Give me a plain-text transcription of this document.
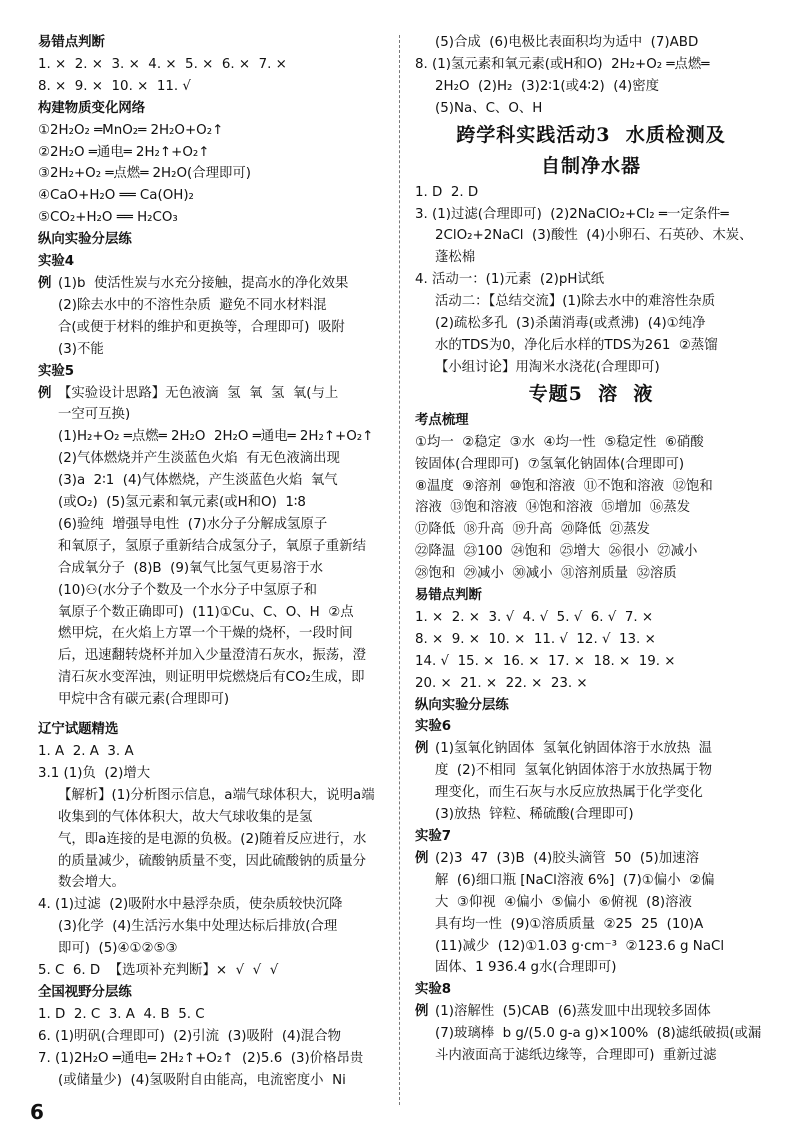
易错点判断
1. ×  2. ×  3. ×  4. ×  5. ×  6. ×  7. ×
8. ×  9. ×  10. ×  11. √
构建物质变化网络
①2H₂O₂ ═MnO₂═ 2H₂O+O₂↑
②2H₂O ═通电═ 2H₂↑+O₂↑
③2H₂+O₂ ═点燃═ 2H₂O(合理即可)
④CaO+H₂O ══ Ca(OH)₂
⑤CO₂+H₂O ══ H₂CO₃
纵向实验分层练
实验4
例 (1)b  使活性炭与水充分接触，提高水的净化效果
(2)除去水中的不溶性杂质  避免不同水材料混
合(或便于材料的维护和更换等，合理即可)  吸附
(3)不能
实验5
例 【实验设计思路】无色液滴  氢  氧  氢  氧(与上
一空可互换)
(1)H₂+O₂ ═点燃═ 2H₂O  2H₂O ═通电═ 2H₂↑+O₂↑
(2)气体燃烧并产生淡蓝色火焰  有无色液滴出现
(3)a  2∶1  (4)气体燃烧，产生淡蓝色火焰  氧气
(或O₂)  (5)氢元素和氧元素(或H和O)  1∶8
(6)验纯  增强导电性  (7)水分子分解成氢原子
和氧原子，氢原子重新结合成氢分子，氧原子重新结
合成氧分子  (8)B  (9)氧气比氢气更易溶于水
(10)⚇(水分子个数及一个水分子中氢原子和
氧原子个数正确即可)  (11)①Cu、C、O、H  ②点
燃甲烷，在火焰上方罩一个干燥的烧杯，一段时间
后，迅速翻转烧杯并加入少量澄清石灰水，振荡，澄
清石灰水变浑浊，则证明甲烷燃烧后有CO₂生成，即
甲烷中含有碳元素(合理即可)
辽宁试题精选
1. A  2. A  3. A
3.1 (1)负  (2)增大
【解析】(1)分析图示信息，a端气球体积大，说明a端
收集到的气体体积大，故大气球收集的是氢
气，即a连接的是电源的负极。(2)随着反应进行，水
的质量减少，硫酸钠质量不变，因此硫酸钠的质量分
数会增大。
4. (1)过滤  (2)吸附水中悬浮杂质，使杂质较快沉降
(3)化学  (4)生活污水集中处理达标后排放(合理
即可)  (5)④①②⑤③
5. C  6. D  【选项补充判断】×  √  √  √
全国视野分层练
1. D  2. C  3. A  4. B  5. C
6. (1)明矾(合理即可)  (2)引流  (3)吸附  (4)混合物
7. (1)2H₂O ═通电═ 2H₂↑+O₂↑  (2)5.6  (3)价格昂贵
(或储量少)  (4)氢吸附自由能高，电流密度小  Ni
(5)合成  (6)电极比表面积均为适中  (7)ABD
8. (1)氢元素和氧元素(或H和O)  2H₂+O₂ ═点燃═
2H₂O  (2)H₂  (3)2∶1(或4∶2)  (4)密度
(5)Na、C、O、H
跨学科实践活动3  水质检测及
自制净水器
1. D  2. D
3. (1)过滤(合理即可)  (2)2NaClO₂+Cl₂ ═一定条件═
2ClO₂+2NaCl  (3)酸性  (4)小卵石、石英砂、木炭、
蓬松棉
4. 活动一：(1)元素  (2)pH试纸
活动二：【总结交流】(1)除去水中的难溶性杂质
(2)疏松多孔  (3)杀菌消毒(或煮沸)  (4)①纯净
水的TDS为0，净化后水样的TDS为261  ②蒸馏
【小组讨论】用淘米水浇花(合理即可)
专题5  溶  液
考点梳理
①均一  ②稳定  ③水  ④均一性  ⑤稳定性  ⑥硝酸
铵固体(合理即可)  ⑦氢氧化钠固体(合理即可)
⑧温度  ⑨溶剂  ⑩饱和溶液  ⑪不饱和溶液  ⑫饱和
溶液  ⑬饱和溶液  ⑭饱和溶液  ⑮增加  ⑯蒸发
⑰降低  ⑱升高  ⑲升高  ⑳降低  ㉑蒸发
㉒降温  ㉓100  ㉔饱和  ㉕增大  ㉖很小  ㉗减小
㉘饱和  ㉙减小  ㉚减小  ㉛溶剂质量  ㉜溶质
易错点判断
1. ×  2. ×  3. √  4. √  5. √  6. √  7. ×
8. ×  9. ×  10. ×  11. √  12. √  13. ×
14. √  15. ×  16. ×  17. ×  18. ×  19. ×
20. ×  21. ×  22. ×  23. ×
纵向实验分层练
实验6
例 (1)氢氧化钠固体  氢氧化钠固体溶于水放热  温
度  (2)不相同  氢氧化钠固体溶于水放热属于物
理变化，而生石灰与水反应放热属于化学变化
(3)放热  锌粒、稀硫酸(合理即可)
实验7
例 (2)3  47  (3)B  (4)胶头滴管  50  (5)加速溶
解  (6)细口瓶 [NaCl溶液 6%]  (7)①偏小  ②偏
大  ③仰视  ④偏小  ⑤偏小  ⑥俯视  (8)溶液
具有均一性  (9)①溶质质量  ②25  25  (10)A
(11)减少  (12)①1.03 g·cm⁻³  ②123.6 g NaCl
固体、1 936.4 g水(合理即可)
实验8
例 (1)溶解性  (5)CAB  (6)蒸发皿中出现较多固体
(7)玻璃棒  b g/(5.0 g-a g)×100%  (8)滤纸破损(或漏
斗内液面高于滤纸边缘等，合理即可)  重新过滤
6
